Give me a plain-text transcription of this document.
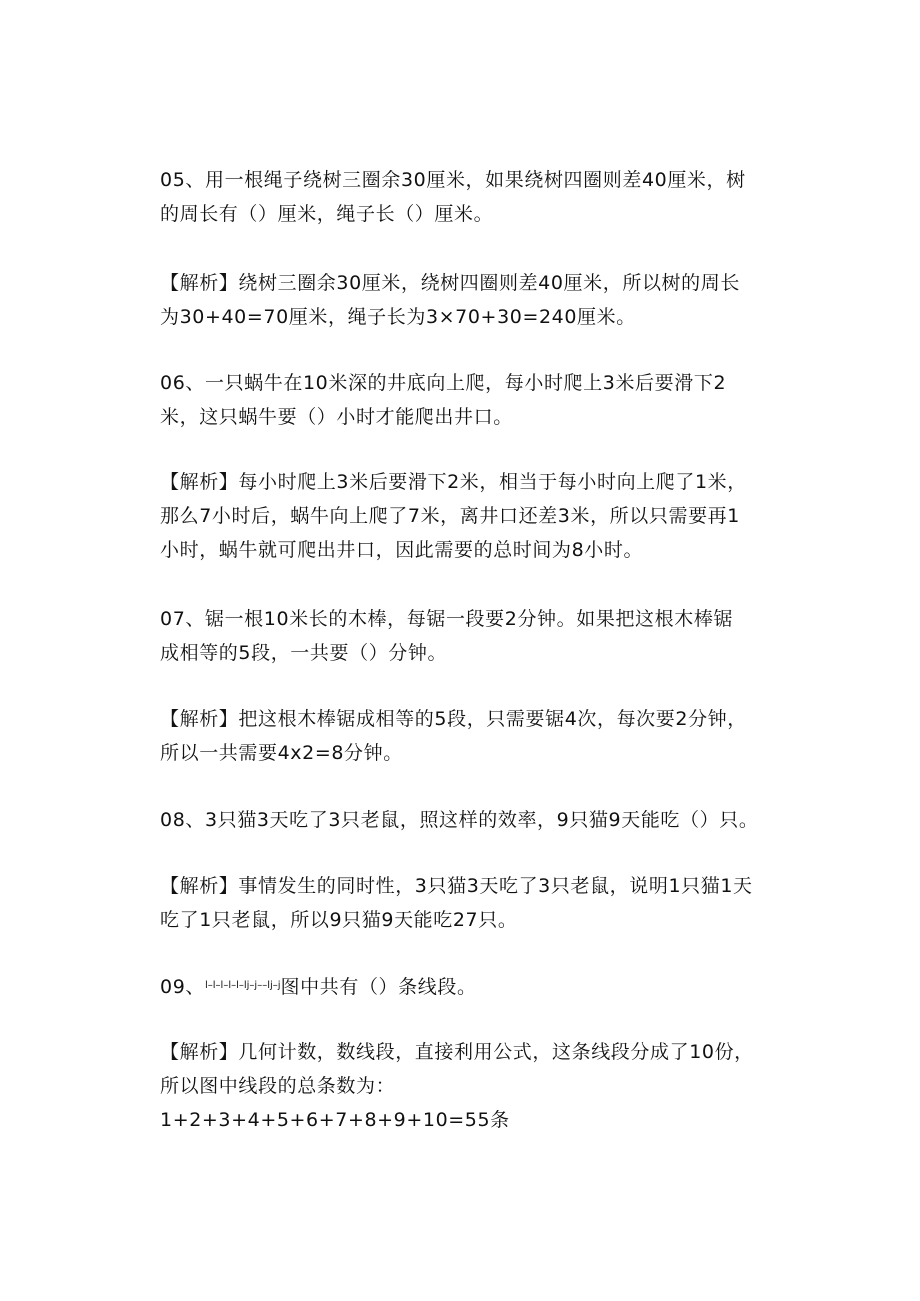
05、用一根绳子绕树三圈余30厘米，如果绕树四圈则差40厘米，树
的周长有（）厘米，绳子长（）厘米。
【解析】绕树三圈余30厘米，绕树四圈则差40厘米，所以树的周长
为30+40=70厘米，绳子长为3×70+30=240厘米。
06、一只蜗牛在10米深的井底向上爬，每小时爬上3米后要滑下2
米，这只蜗牛要（）小时才能爬出井口。
【解析】每小时爬上3米后要滑下2米，相当于每小时向上爬了1米，
那么7小时后，蜗牛向上爬了7米，离井口还差3米，所以只需要再1
小时，蜗牛就可爬出井口，因此需要的总时间为8小时。
07、锯一根10米长的木棒，每锯一段要2分钟。如果把这根木棒锯
成相等的5段，一共要（）分钟。
【解析】把这根木棒锯成相等的5段，只需要锯4次，每次要2分钟，
所以一共需要4x2=8分钟。
08、3只猫3天吃了3只老鼠，照这样的效率，9只猫9天能吃（）只。
【解析】事情发生的同时性，3只猫3天吃了3只老鼠，说明1只猫1天
吃了1只老鼠，所以9只猫9天能吃27只。
09、$^{l-l-l-l-l-lj-j--lj-j}$图中共有（）条线段。
【解析】几何计数，数线段，直接利用公式，这条线段分成了10份，
所以图中线段的总条数为：
1+2+3+4+5+6+7+8+9+10=55条
